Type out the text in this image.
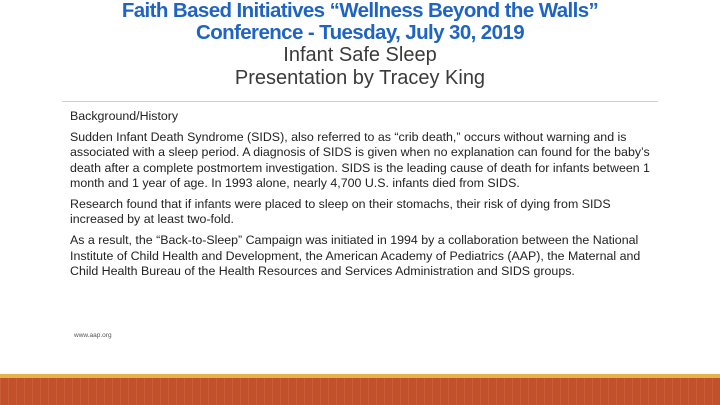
Faith Based Initiatives “Wellness Beyond the Walls”

Conference - Tuesday, July 30, 2019

Infant Safe Sleep

Presentation by Tracey King

Background/History

Sudden Infant Death Syndrome (SIDS), also referred to as “crib death,” occurs without warning and is associated with a sleep period. A diagnosis of SIDS is given when no explanation can found for the baby’s death after a complete postmortem investigation. SIDS is the leading cause of death for infants between 1 month and 1 year of age. In 1993 alone, nearly 4,700 U.S. infants died from SIDS.

Research found that if infants were placed to sleep on their stomachs, their risk of dying from SIDS increased by at least two-fold.

As a result, the “Back-to-Sleep” Campaign was initiated in 1994 by a collaboration between the National Institute of Child Health and Development, the American Academy of Pediatrics (AAP), the Maternal and Child Health Bureau of the Health Resources and Services Administration and SIDS groups.

www.aap.org
